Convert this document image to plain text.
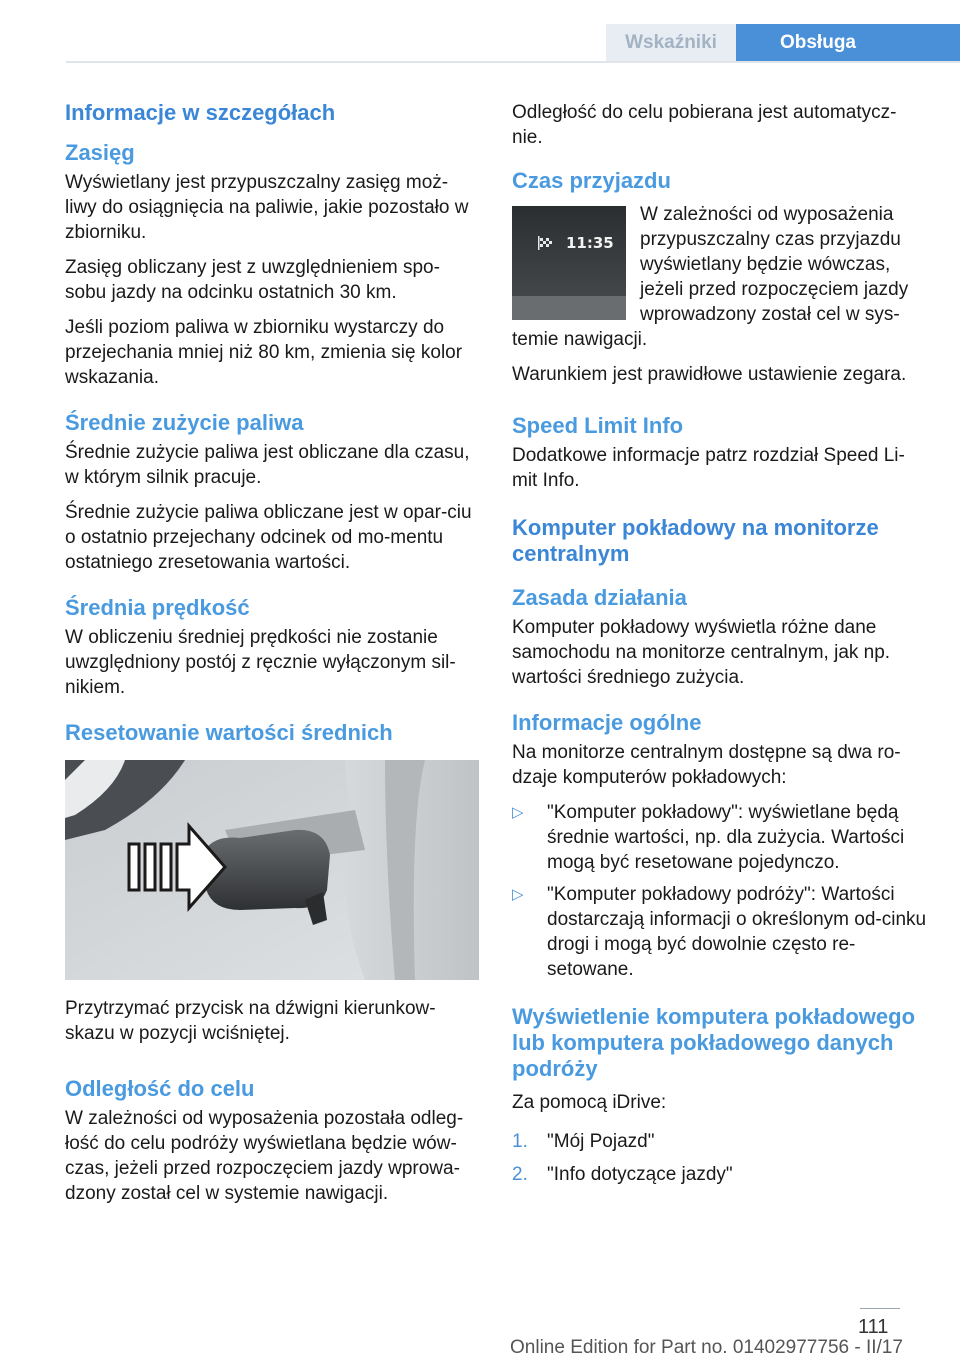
Wskaźniki	Obsługa
Informacje w szczegółach
Zasięg

Wyświetlany jest przypuszczalny zasięg moż‐liwy do osiągnięcia na paliwie, jakie pozostało w zbiorniku.

Zasięg obliczany jest z uwzględnieniem spo‐sobu jazdy na odcinku ostatnich 30 km.

Jeśli poziom paliwa w zbiorniku wystarczy do przejechania mniej niż 80 km, zmienia się kolor wskazania.

Średnie zużycie paliwa

Średnie zużycie paliwa jest obliczane dla czasu, w którym silnik pracuje.

Średnie zużycie paliwa obliczane jest w opar‐ciu o ostatnio przejechany odcinek od mo‐mentu ostatniego zresetowania wartości.

Średnia prędkość

W obliczeniu średniej prędkości nie zostanie uwzględniony postój z ręcznie wyłączonym sil‐nikiem.

Resetowanie wartości średnich

Przytrzymać przycisk na dźwigni kierunkow‐skazu w pozycji wciśniętej.

Odległość do celu

W zależności od wyposażenia pozostała odleg‐łość do celu podróży wyświetlana będzie wów‐czas, jeżeli przed rozpoczęciem jazdy wprowa‐dzony został cel w systemie nawigacji.

Odległość do celu pobierana jest automatycz‐nie.

Czas przyjazdu
11:35

W zależności od wyposażenia przypuszczalny czas przyjazdu wyświetlany będzie wówczas, jeżeli przed rozpoczęciem jazdy wprowadzony został cel w sys‐temie nawigacji.

Warunkiem jest prawidłowe ustawienie zegara.

Speed Limit Info

Dodatkowe informacje patrz rozdział Speed Li‐mit Info.

Komputer pokładowy na monitorze centralnym
Zasada działania

Komputer pokładowy wyświetla różne dane samochodu na monitorze centralnym, jak np. wartości średniego zużycia.

Informacje ogólne

Na monitorze centralnym dostępne są dwa ro‐dzaje komputerów pokładowych:

▷ "Komputer pokładowy": wyświetlane będą średnie wartości, np. dla zużycia. Wartości mogą być resetowane pojedynczo.
▷ "Komputer pokładowy podróży": Wartości dostarczają informacji o określonym od‐cinku drogi i mogą być dowolnie często re‐setowane.
Wyświetlenie komputera pokładowego lub komputera pokładowego danych podróży

Za pomocą iDrive:

1. "Mój Pojazd"
2. "Info dotyczące jazdy"
111
Online Edition for Part no. 01402977756 - II/17
